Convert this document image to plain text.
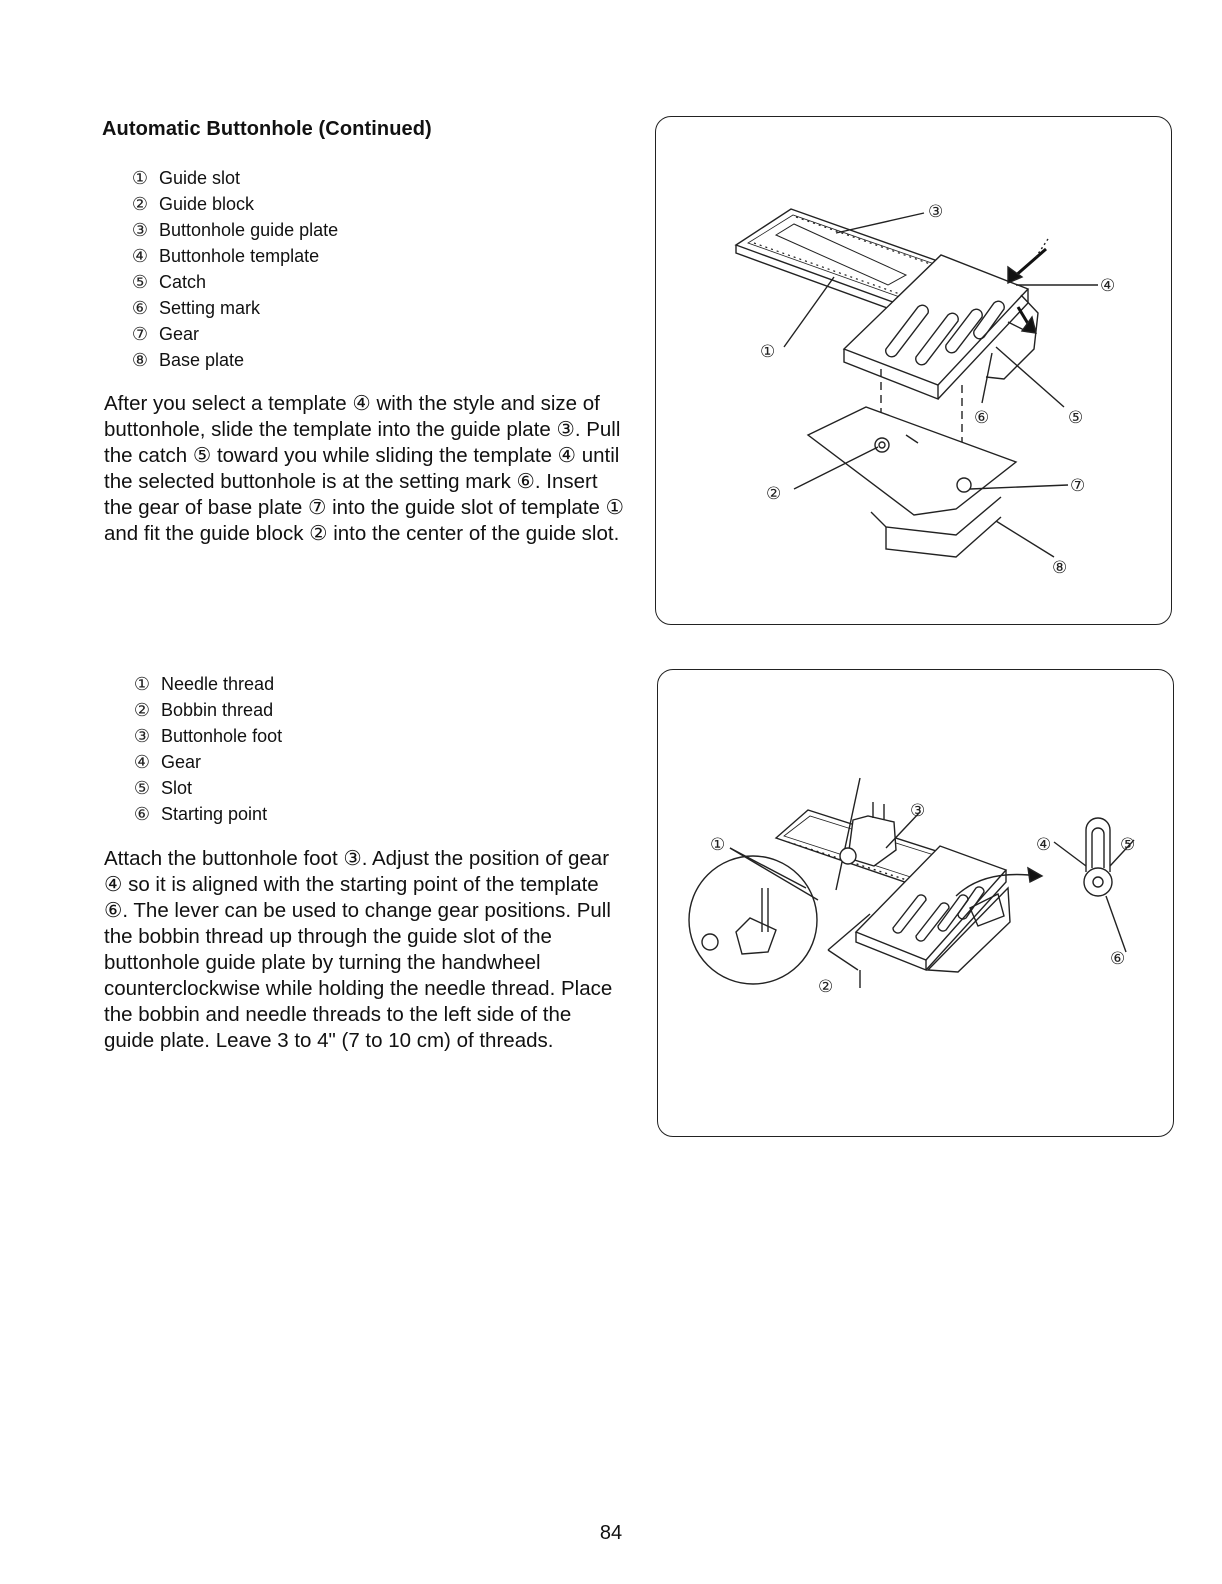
Automatic Buttonhole (Continued)
① Guide slot
② Guide block
③ Buttonhole guide plate
④ Buttonhole template
⑤ Catch
⑥ Setting mark
⑦ Gear
⑧ Base plate

After you select a template ④ with the style and size of buttonhole, slide the template into the guide plate ③. Pull the catch ⑤ toward you while sliding the template ④ until the selected buttonhole is at the setting mark ⑥. Insert the gear of base plate ⑦ into the guide slot of template ① and fit the guide block ② into the center of the guide slot.

③
④
①
⑤
⑥
②	⑦
⑧
① Needle thread
② Bobbin thread
③ Buttonhole foot
④ Gear
⑤ Slot
⑥ Starting point

Attach the buttonhole foot ③. Adjust the position of gear ④ so it is aligned with the starting point of the template ⑥. The lever can be used to change gear positions. Pull the bobbin thread up through the guide slot of the buttonhole guide plate by turning the handwheel counterclockwise while holding the needle thread. Place the bobbin and needle threads to the left side of the guide plate. Leave 3 to 4" (7 to 10 cm) of threads.

①
②
③
④	⑤
⑥
84
